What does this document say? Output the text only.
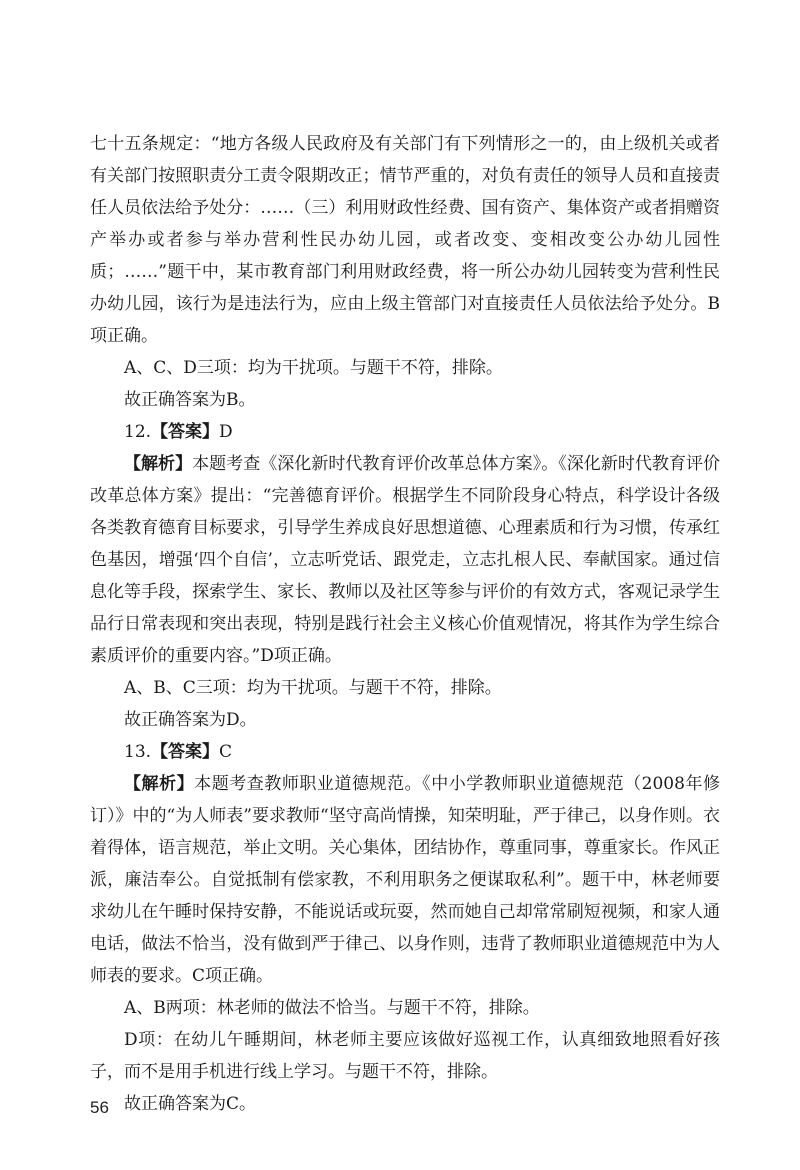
七十五条规定：“地方各级人民政府及有关部门有下列情形之一的，由上级机关或者有关部门按照职责分工责令限期改正；情节严重的，对负有责任的领导人员和直接责任人员依法给予处分：……（三）利用财政性经费、国有资产、集体资产或者捐赠资产举办或者参与举办营利性民办幼儿园，或者改变、变相改变公办幼儿园性质；……”题干中，某市教育部门利用财政经费，将一所公办幼儿园转变为营利性民办幼儿园，该行为是违法行为，应由上级主管部门对直接责任人员依法给予处分。B项正确。

A、C、D三项：均为干扰项。与题干不符，排除。

故正确答案为B。

12.【答案】D

【解析】本题考查《深化新时代教育评价改革总体方案》。《深化新时代教育评价改革总体方案》提出：“完善德育评价。根据学生不同阶段身心特点，科学设计各级各类教育德育目标要求，引导学生养成良好思想道德、心理素质和行为习惯，传承红色基因，增强‘四个自信’，立志听党话、跟党走，立志扎根人民、奉献国家。通过信息化等手段，探索学生、家长、教师以及社区等参与评价的有效方式，客观记录学生品行日常表现和突出表现，特别是践行社会主义核心价值观情况，将其作为学生综合素质评价的重要内容。”D项正确。

A、B、C三项：均为干扰项。与题干不符，排除。

故正确答案为D。

13.【答案】C

【解析】本题考查教师职业道德规范。《中小学教师职业道德规范（2008年修订）》中的“为人师表”要求教师“坚守高尚情操，知荣明耻，严于律己，以身作则。衣着得体，语言规范，举止文明。关心集体，团结协作，尊重同事，尊重家长。作风正派，廉洁奉公。自觉抵制有偿家教，不利用职务之便谋取私利”。题干中，林老师要求幼儿在午睡时保持安静，不能说话或玩耍，然而她自己却常常刷短视频，和家人通电话，做法不恰当，没有做到严于律己、以身作则，违背了教师职业道德规范中为人师表的要求。C项正确。

A、B两项：林老师的做法不恰当。与题干不符，排除。

D项：在幼儿午睡期间，林老师主要应该做好巡视工作，认真细致地照看好孩子，而不是用手机进行线上学习。与题干不符，排除。

故正确答案为C。

56
